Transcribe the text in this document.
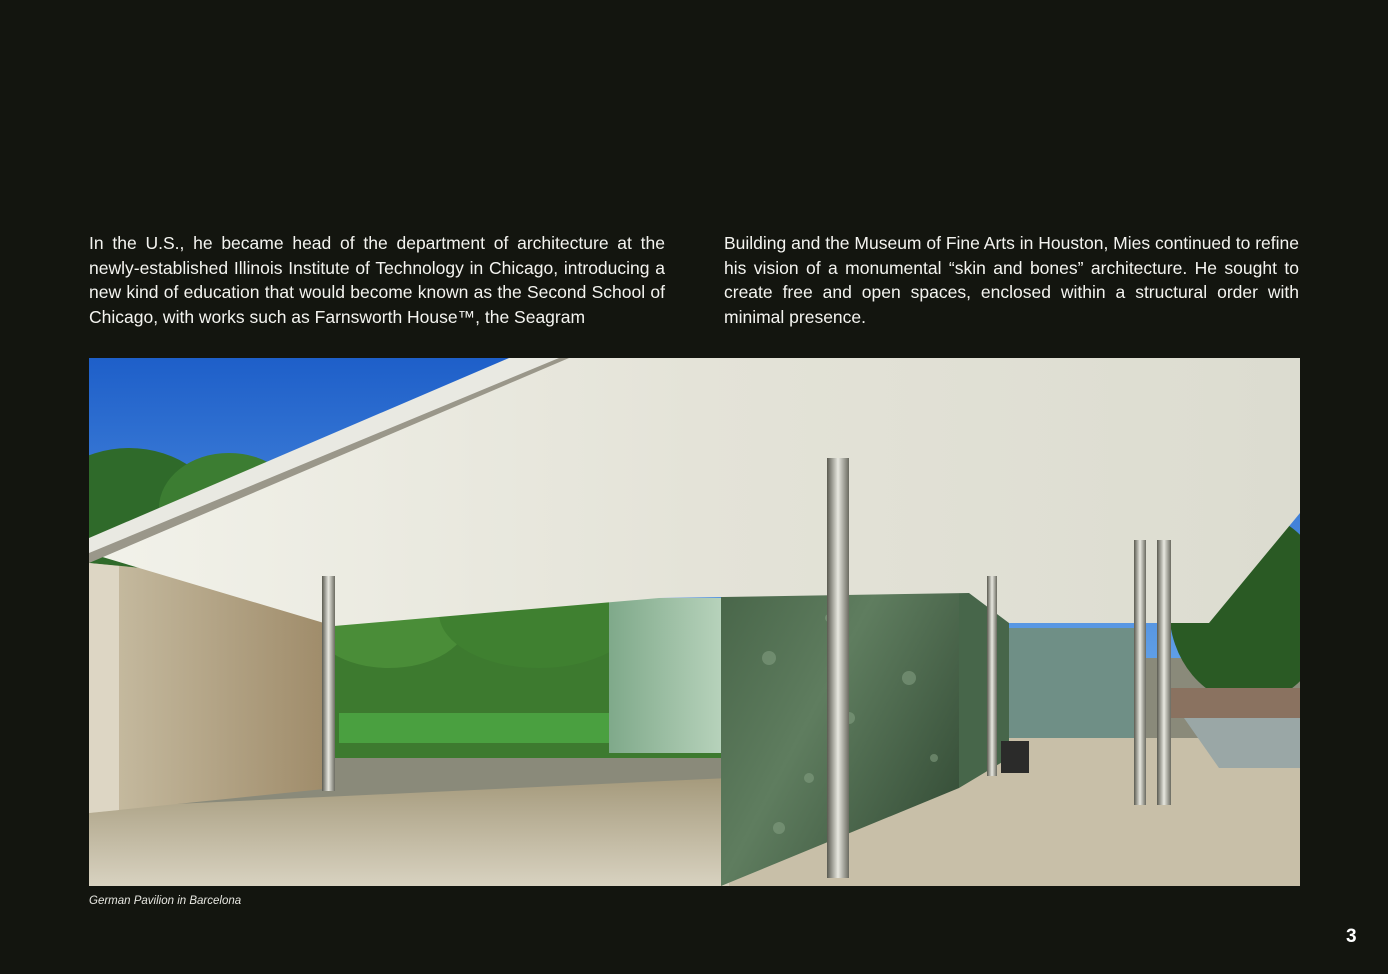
In the U.S., he became head of the department of architecture at the newly-established Illinois Institute of Technology in Chicago, introducing a new kind of education that would become known as the Second School of Chicago, with works such as Farnsworth House™, the Seagram
Building and the Museum of Fine Arts in Houston, Mies continued to refine his vision of a monumental “skin and bones” architecture. He sought to create free and open spaces, enclosed within a structural order with minimal presence.
German Pavilion in Barcelona
3
